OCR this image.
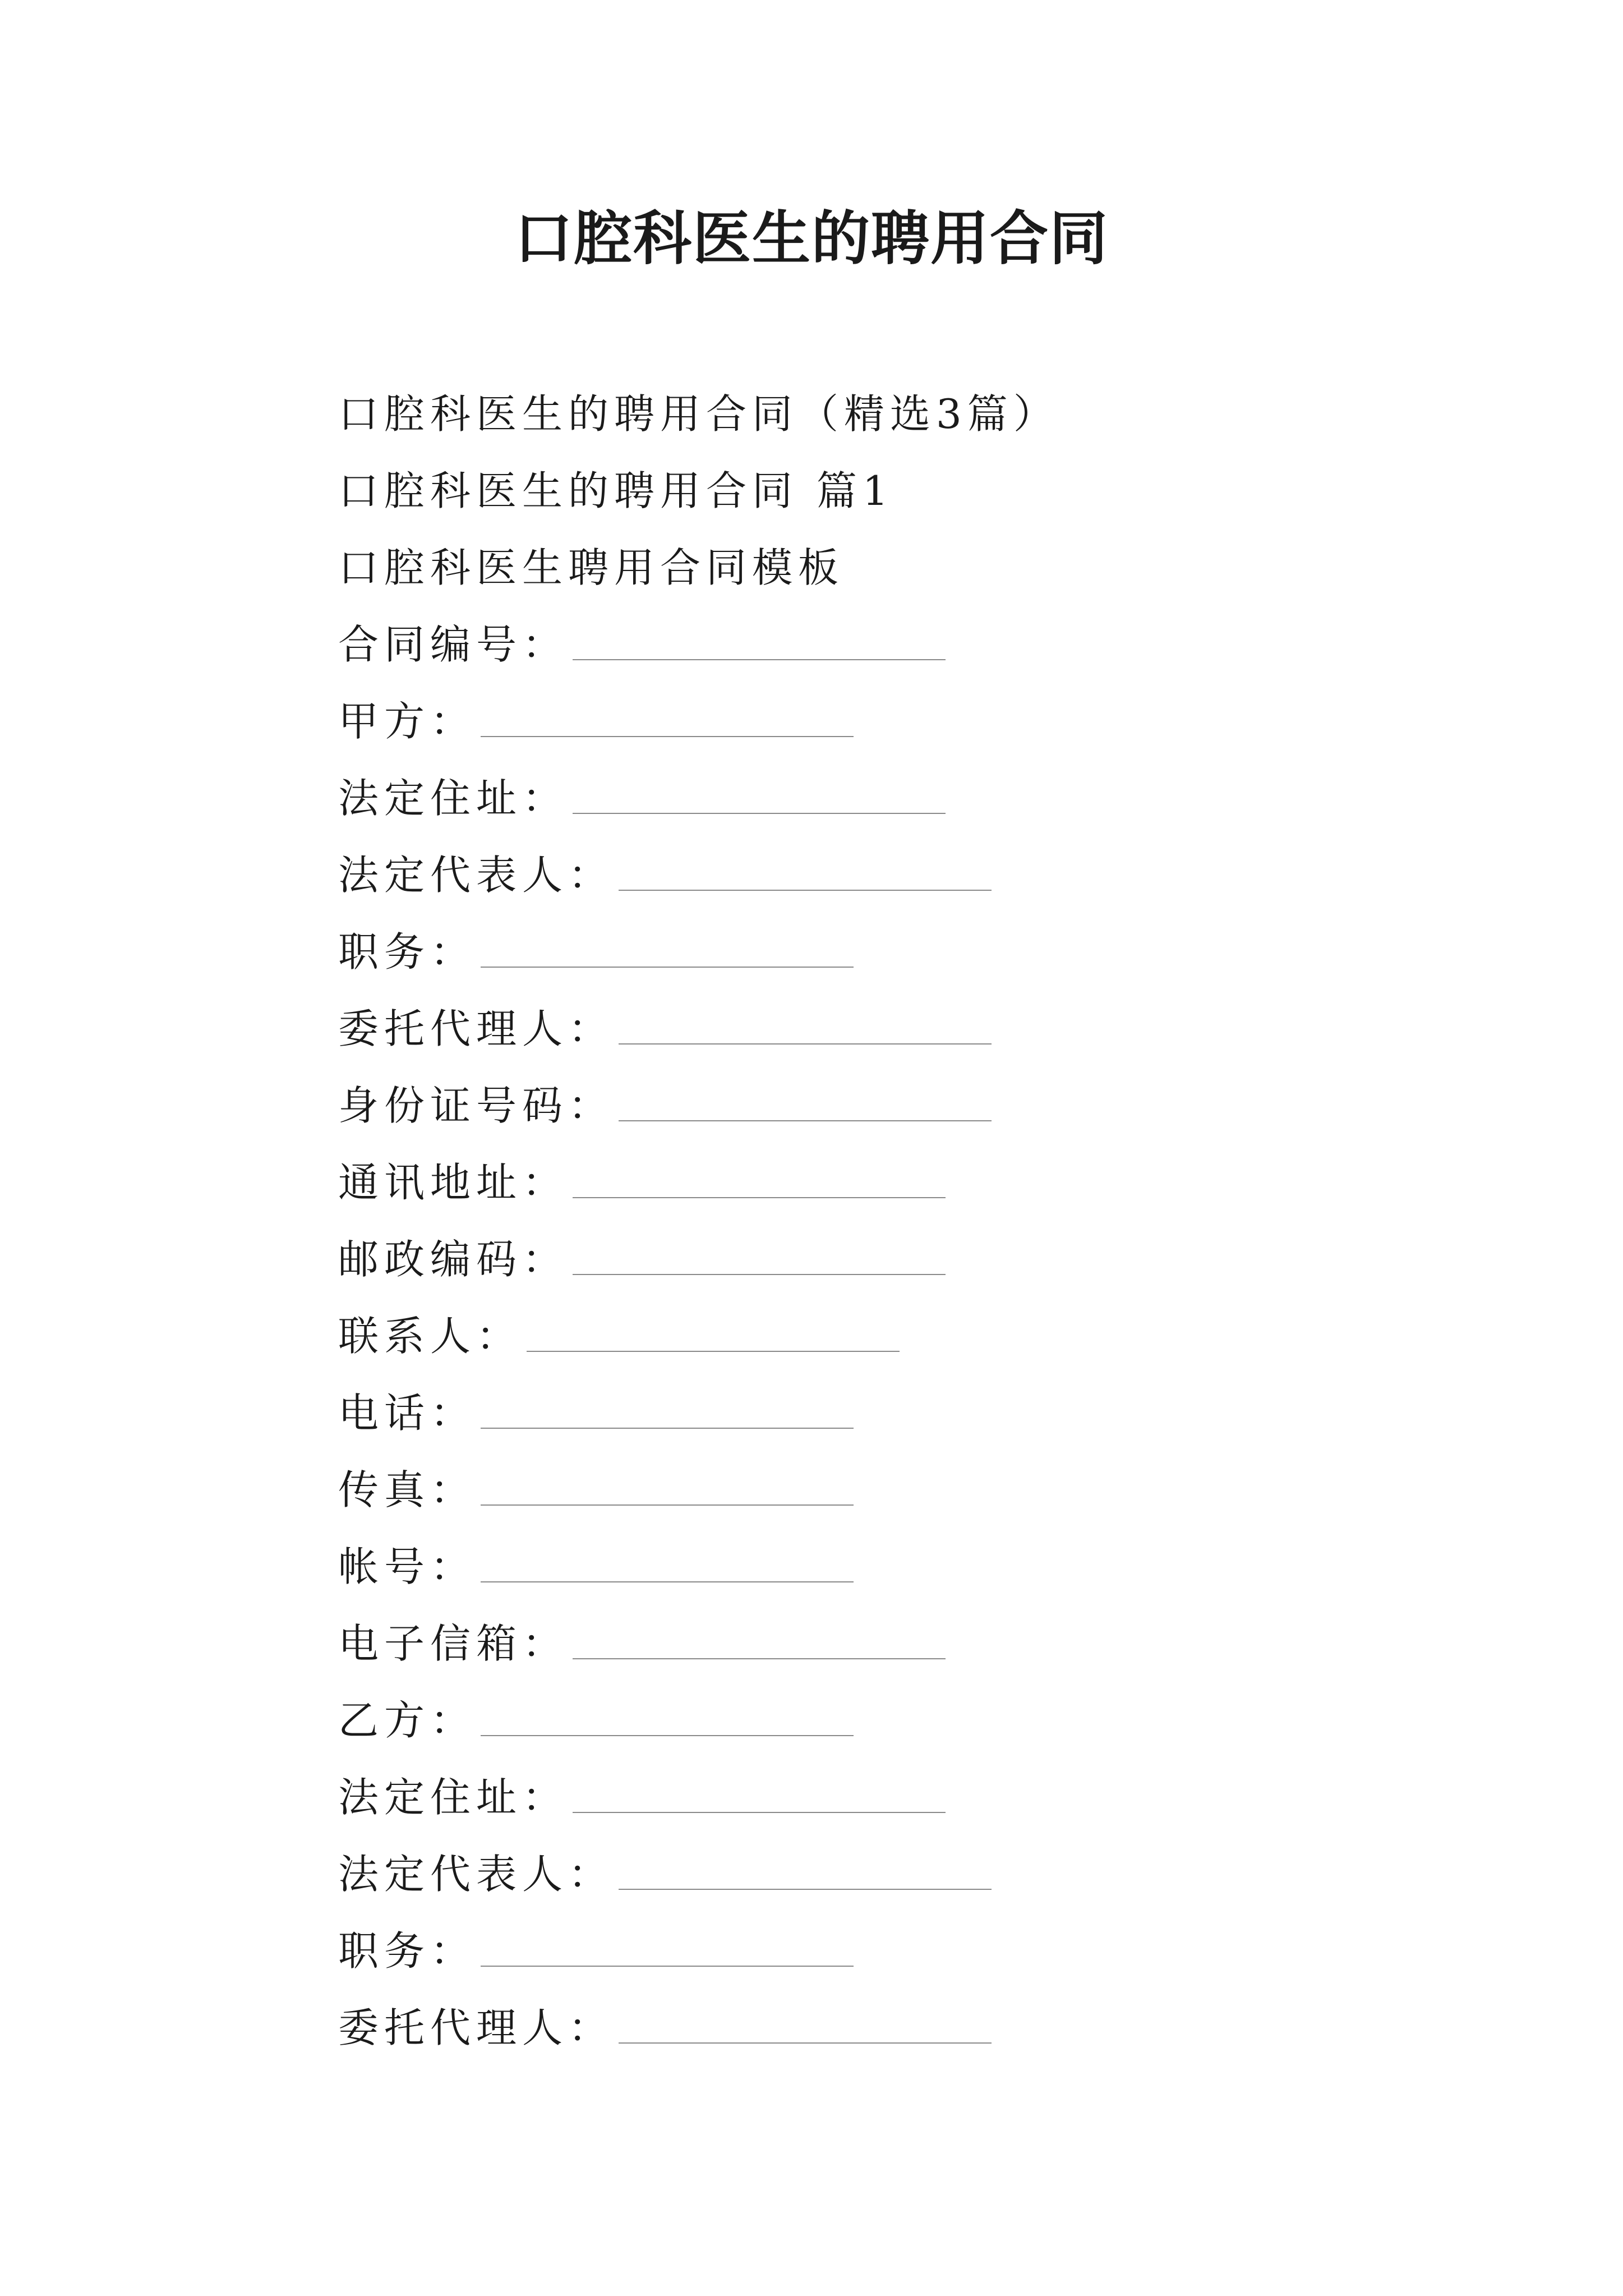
口腔科医生的聘用合同
口腔科医生的聘用合同（精选3篇）
口腔科医生的聘用合同 篇1
口腔科医生聘用合同模板
合同编号：
甲方：
法定住址：
法定代表人：
职务：
委托代理人：
身份证号码：
通讯地址：
邮政编码：
联系人：
电话：
传真：
帐号：
电子信箱：
乙方：
法定住址：
法定代表人：
职务：
委托代理人：
